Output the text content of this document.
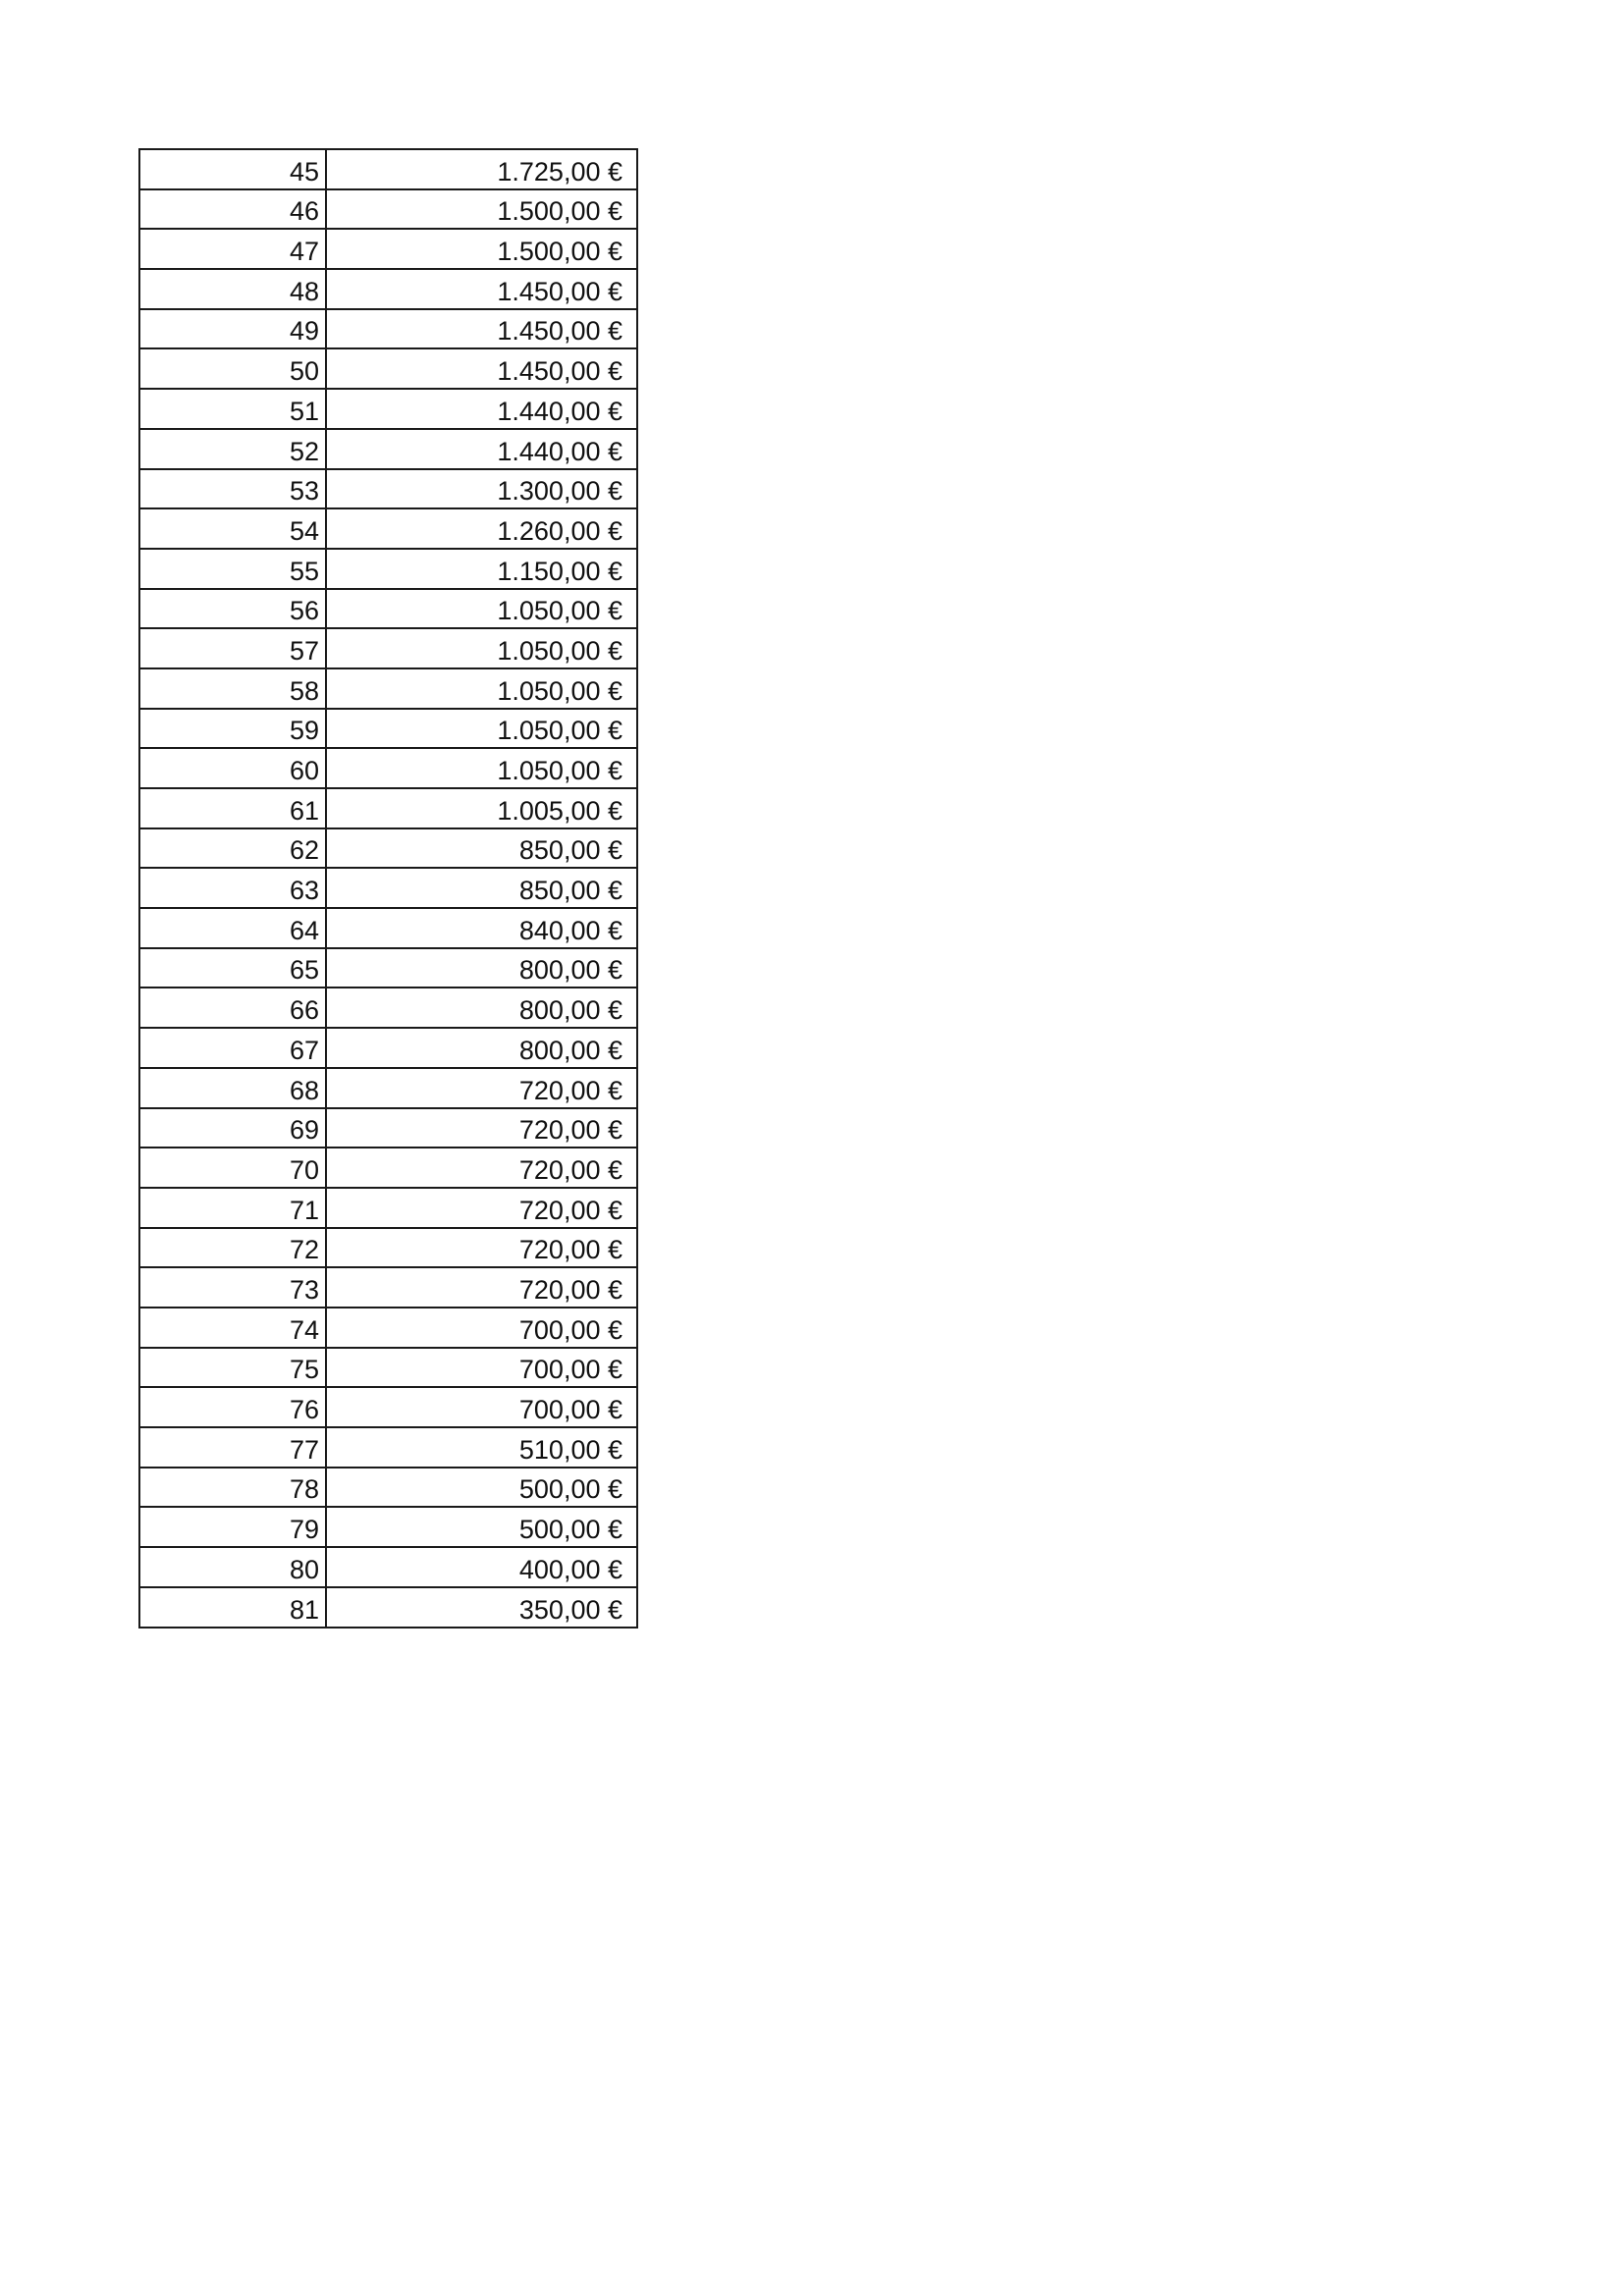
45	1.725,00 €
46	1.500,00 €
47	1.500,00 €
48	1.450,00 €
49	1.450,00 €
50	1.450,00 €
51	1.440,00 €
52	1.440,00 €
53	1.300,00 €
54	1.260,00 €
55	1.150,00 €
56	1.050,00 €
57	1.050,00 €
58	1.050,00 €
59	1.050,00 €
60	1.050,00 €
61	1.005,00 €
62	850,00 €
63	850,00 €
64	840,00 €
65	800,00 €
66	800,00 €
67	800,00 €
68	720,00 €
69	720,00 €
70	720,00 €
71	720,00 €
72	720,00 €
73	720,00 €
74	700,00 €
75	700,00 €
76	700,00 €
77	510,00 €
78	500,00 €
79	500,00 €
80	400,00 €
81	350,00 €
